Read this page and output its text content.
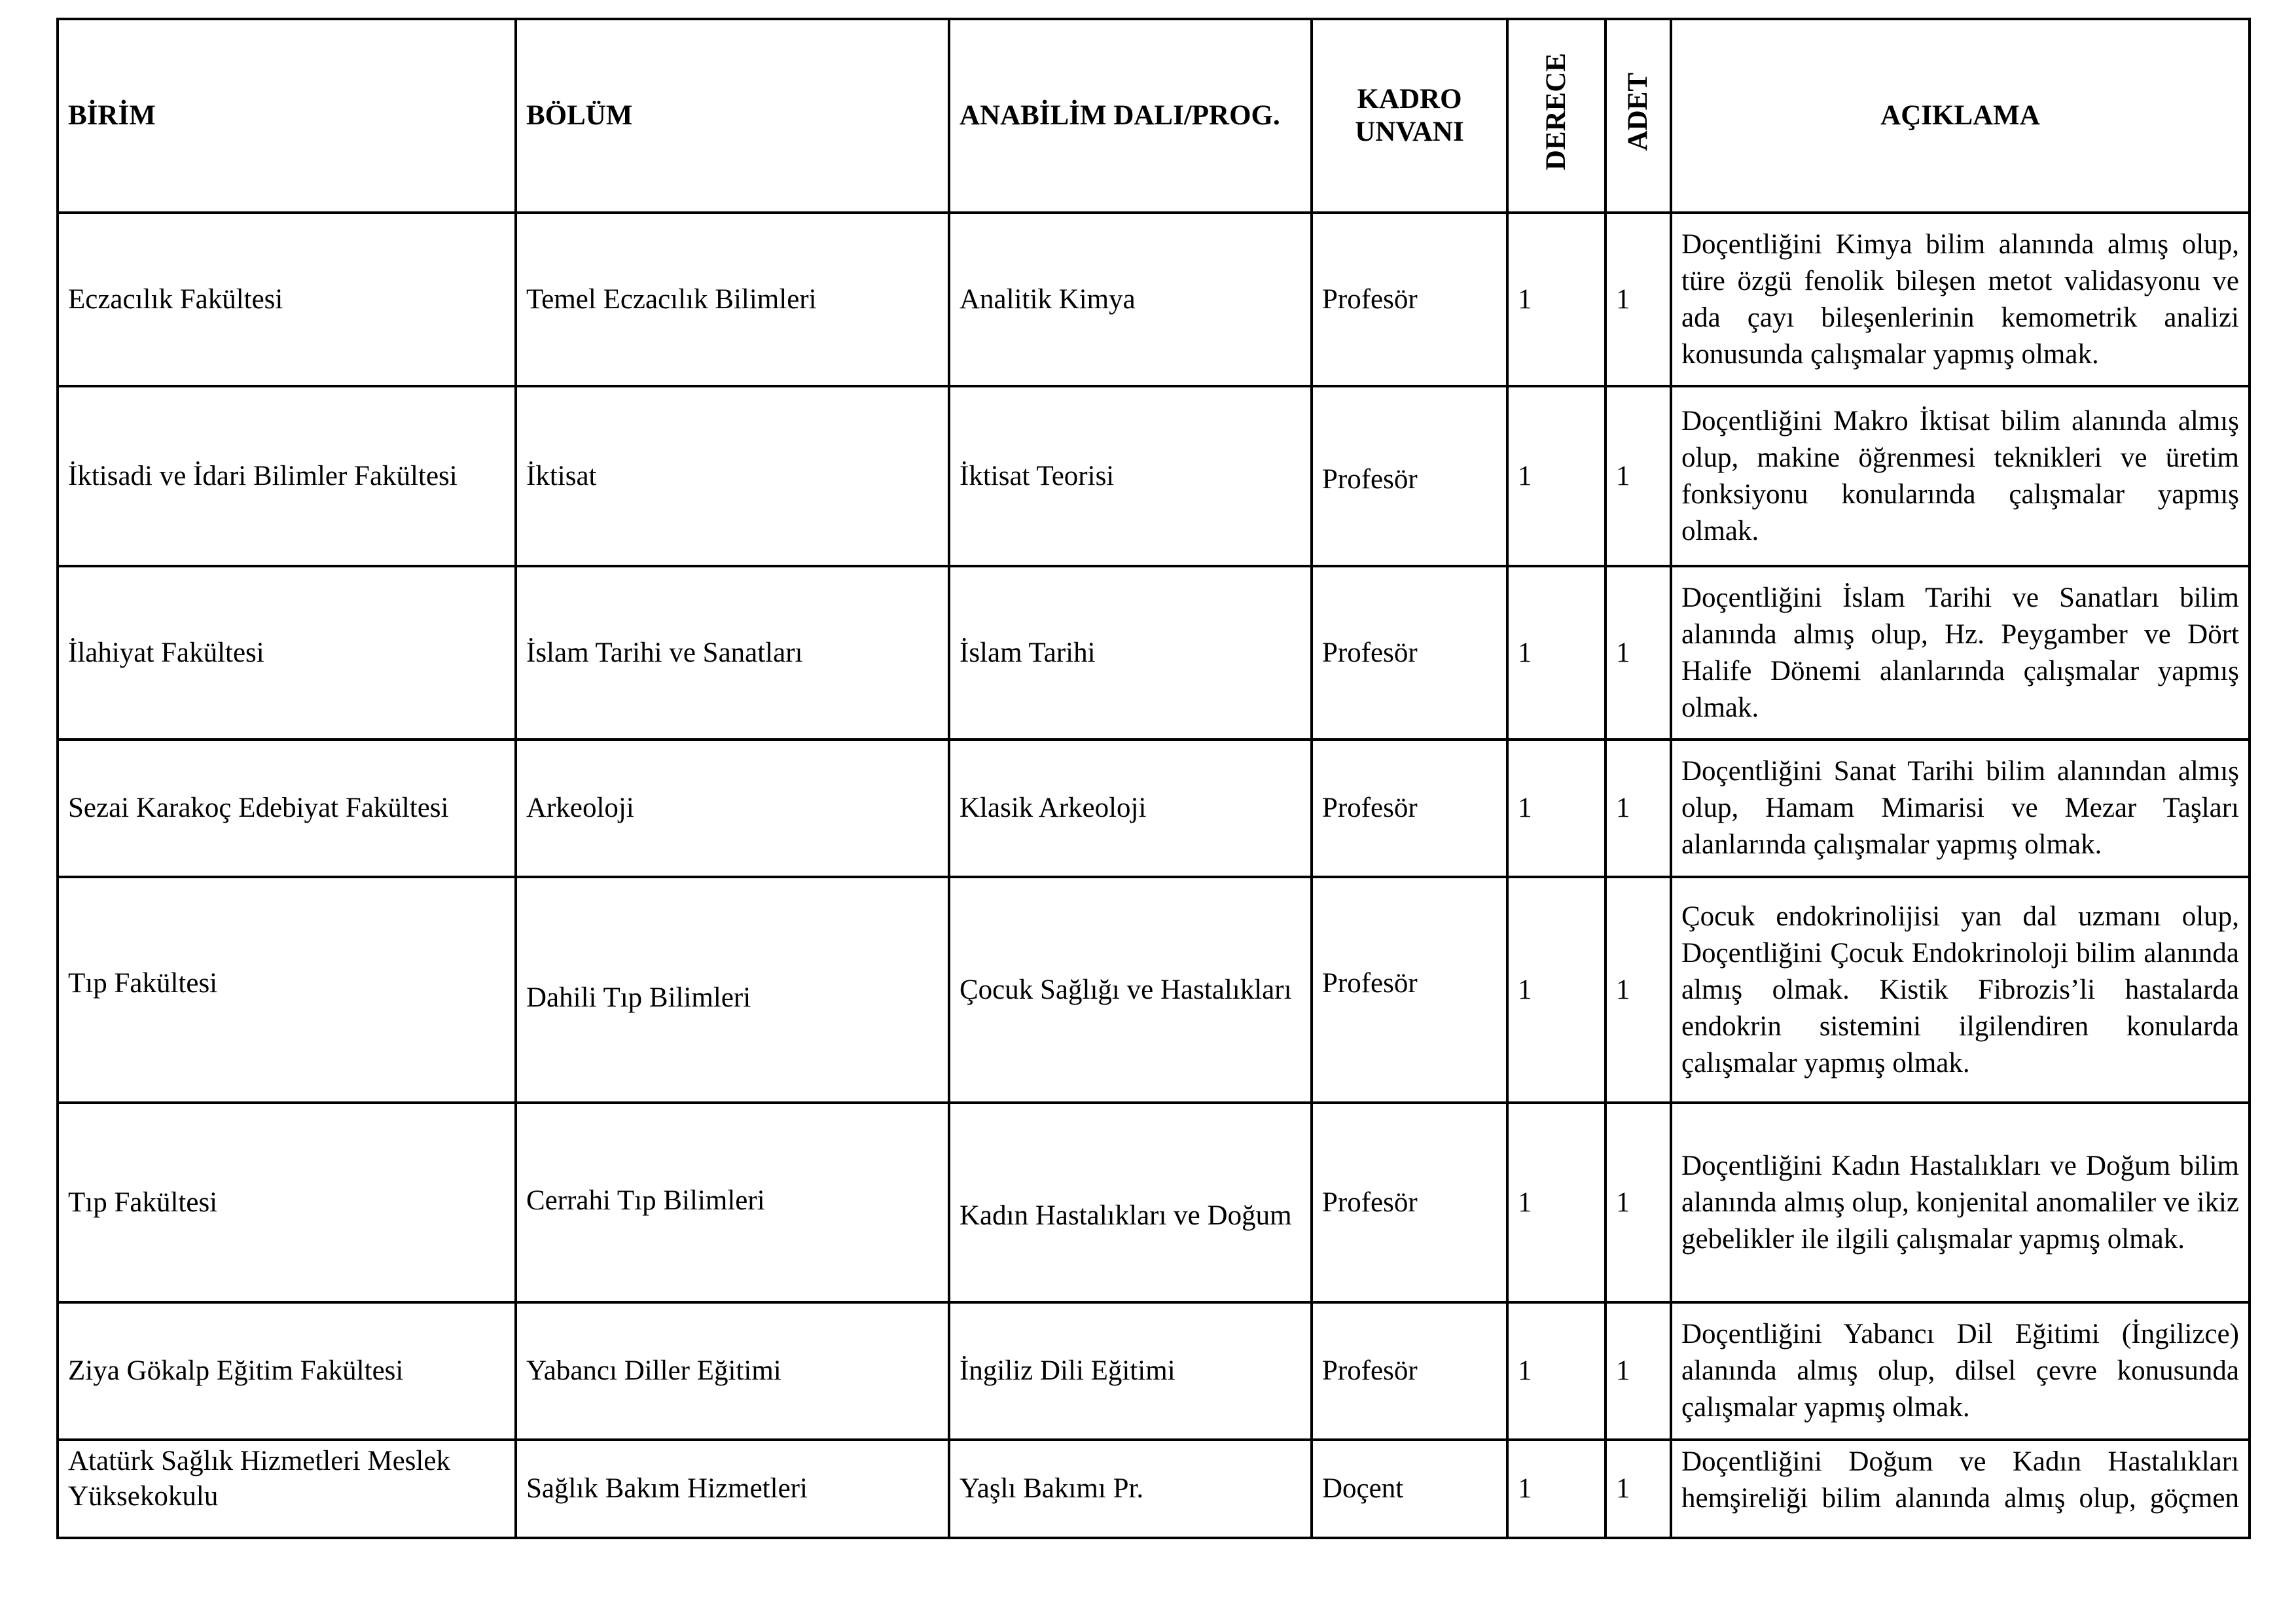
BİRİM	BÖLÜM	ANABİLİM DALI/PROG.	KADRO UNVANI	DERECE	ADET	AÇIKLAMA
Eczacılık Fakültesi	Temel Eczacılık Bilimleri	Analitik Kimya	Profesör	1	1	Doçentliğini Kimya bilim alanında almış olup, türe özgü fenolik bileşen metot validasyonu ve ada çayı bileşenlerinin kemometrik analizi konusunda çalışmalar yapmış olmak.

İktisadi ve İdari Bilimler Fakültesi	İktisat	İktisat Teorisi	Profesör	1	1	Doçentliğini Makro İktisat bilim alanında almış olup, makine öğrenmesi teknikleri ve üretim fonksiyonu konularında çalışmalar yapmış olmak.

İlahiyat Fakültesi	İslam Tarihi ve Sanatları	İslam Tarihi	Profesör	1	1	Doçentliğini İslam Tarihi ve Sanatları bilim alanında almış olup, Hz. Peygamber ve Dört Halife Dönemi alanlarında çalışmalar yapmış olmak.

Sezai Karakoç Edebiyat Fakültesi	Arkeoloji	Klasik Arkeoloji	Profesör	1	1	Doçentliğini Sanat Tarihi bilim alanından almış olup, Hamam Mimarisi ve Mezar Taşları alanlarında çalışmalar yapmış olmak.

Tıp Fakültesi	Dahili Tıp Bilimleri	Çocuk Sağlığı ve Hastalıkları	Profesör	1	1	Çocuk endokrinolijisi yan dal uzmanı olup, Doçentliğini Çocuk Endokrinoloji bilim alanında almış olmak. Kistik Fibrozis’li hastalarda endokrin sistemini ilgilendiren konularda çalışmalar yapmış olmak.

Tıp Fakültesi	Cerrahi Tıp Bilimleri	Kadın Hastalıkları ve Doğum	Profesör	1	1	Doçentliğini Kadın Hastalıkları ve Doğum bilim alanında almış olup, konjenital anomaliler ve ikiz gebelikler ile ilgili çalışmalar yapmış olmak.

Ziya Gökalp Eğitim Fakültesi	Yabancı Diller Eğitimi	İngiliz Dili Eğitimi	Profesör	1	1	Doçentliğini Yabancı Dil Eğitimi (İngilizce) alanında almış olup, dilsel çevre konusunda çalışmalar yapmış olmak.

Atatürk Sağlık Hizmetleri Meslek Yüksekokulu	Sağlık Bakım Hizmetleri	Yaşlı Bakımı Pr.	Doçent	1	1	Doçentliğini Doğum ve Kadın Hastalıkları hemşireliği bilim alanında almış olup, göçmen
